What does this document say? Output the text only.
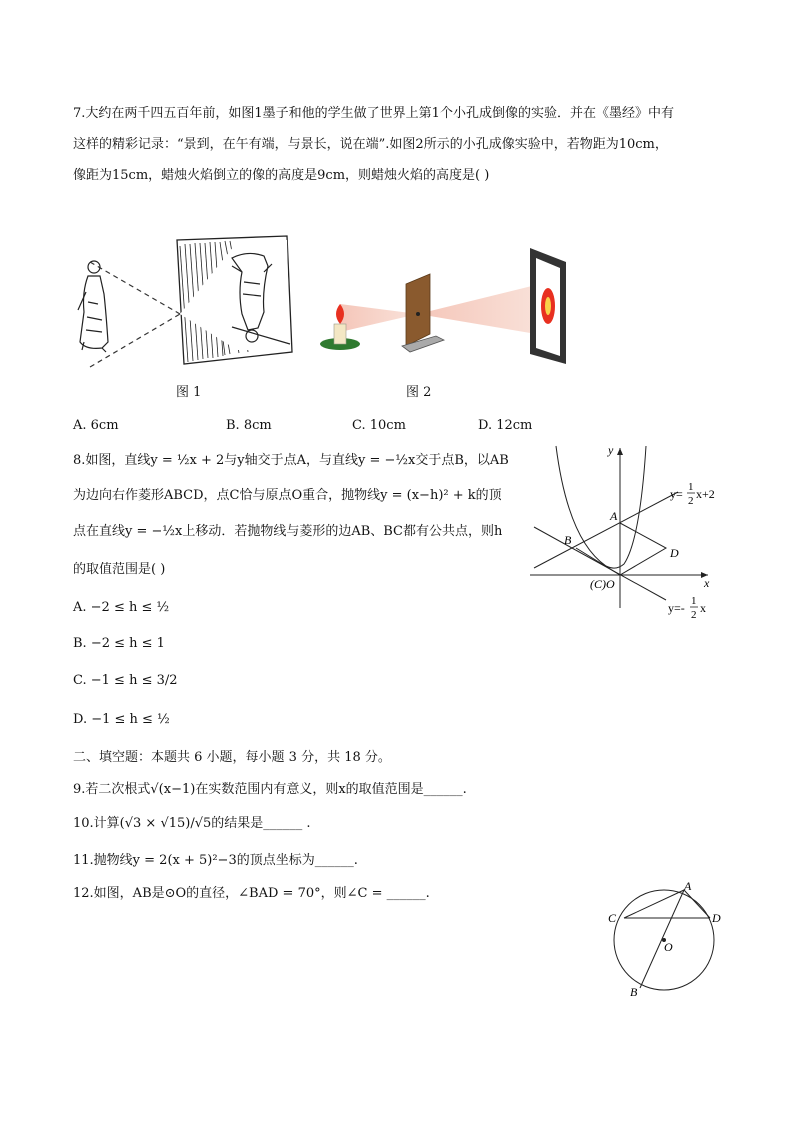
7.大约在两千四五百年前，如图1墨子和他的学生做了世界上第1个小孔成倒像的实验．并在《墨经》中有
这样的精彩记录：“景到，在午有端，与景长，说在端”.如图2所示的小孔成像实验中，若物距为10cm，
像距为15cm，蜡烛火焰倒立的像的高度是9cm，则蜡烛火焰的高度是( )
图 1	图 2
A. 6cm	B. 8cm	C. 10cm	D. 12cm
8.如图，直线y = ½x + 2与y轴交于点A，与直线y = −½x交于点B，以AB
为边向右作菱形ABCD，点C恰与原点O重合，抛物线y = (x−h)² + k的顶
点在直线y = −½x上移动．若抛物线与菱形的边AB、BC都有公共点，则h
的取值范围是( )
A. −2 ≤ h ≤ ½
B. −2 ≤ h ≤ 1
C. −1 ≤ h ≤ 3/2
D. −1 ≤ h ≤ ½
y
x
A
B
D
(C)O
y= 1
2 x+2
y=- 1
2 x
二、填空题：本题共 6 小题，每小题 3 分，共 18 分。
9.若二次根式√(x−1)在实数范围内有意义，则x的取值范围是______.
10.计算(√3 × √15)/√5的结果是______ .
11.抛物线y = 2(x + 5)²−3的顶点坐标为______.
12.如图，AB是⊙O的直径，∠BAD = 70°，则∠C = ______.	A
B
C	D
O
